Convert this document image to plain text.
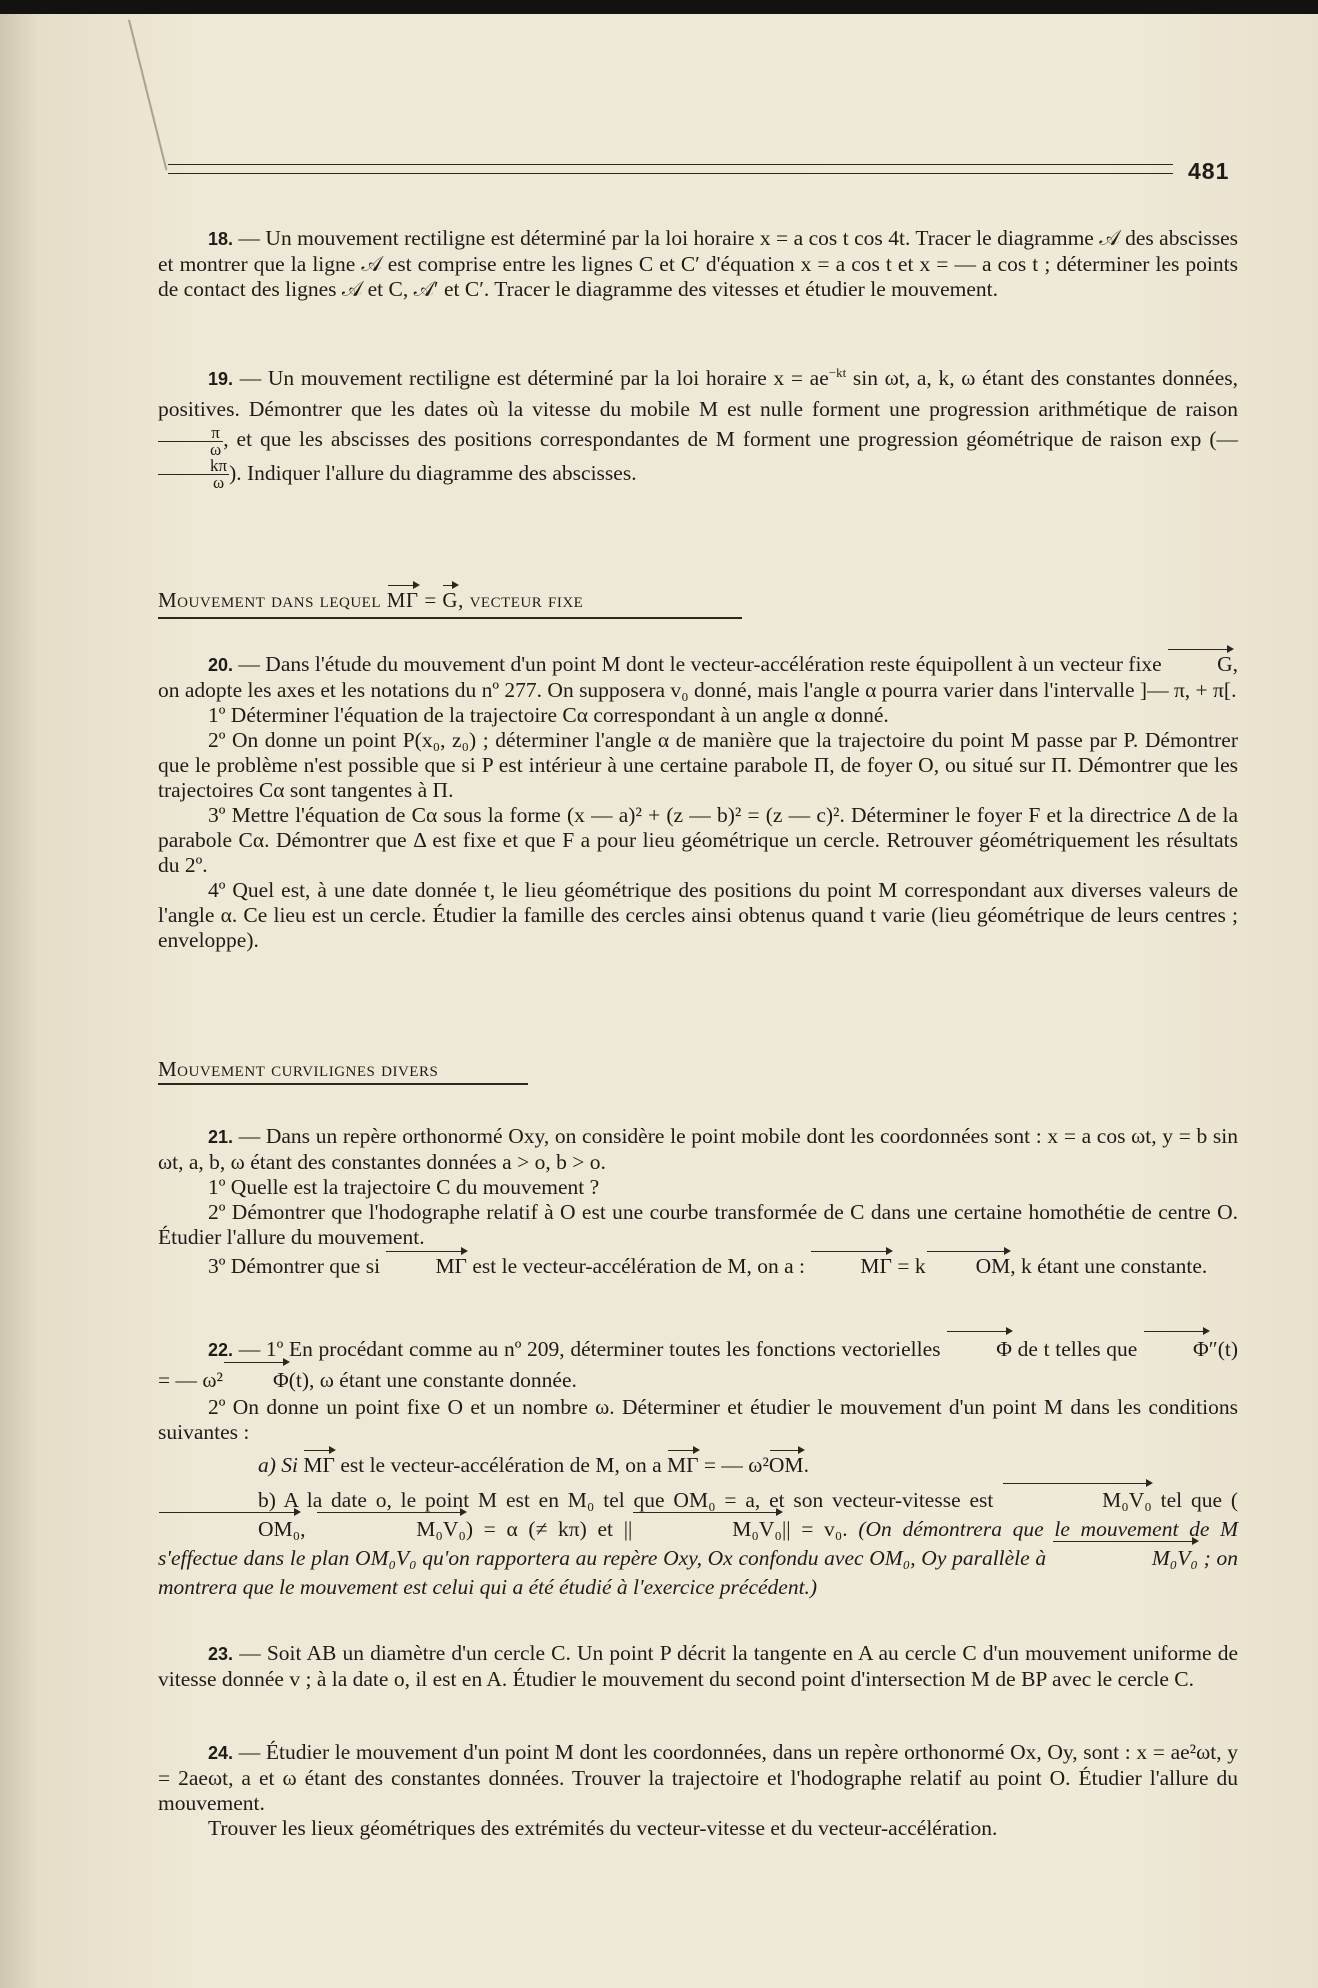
481

18. — Un mouvement rectiligne est déterminé par la loi horaire x = a cos t cos 4t. Tracer le diagramme 𝒜 des abscisses et montrer que la ligne 𝒜 est comprise entre les lignes C et C′ d'équation x = a cos t et x = — a cos t ; déterminer les points de contact des lignes 𝒜 et C, 𝒜′ et C′. Tracer le diagramme des vitesses et étudier le mouvement.

19. — Un mouvement rectiligne est déterminé par la loi horaire $x = ae^{-kt}$ sin ωt, a, k, ω étant des constantes données, positives. Démontrer que les dates où la vitesse du mobile M est nulle forment une progression arithmétique de raison
$\frac{\pi}{\omega}$ , et que les abscisses des positions correspondantes de M forment une progression géométrique de raison exp (—
$\frac{k\pi}{\omega}$ ). Indiquer l'allure du diagramme des abscisses.

Mouvement dans lequel MΓ = G, vecteur fixe

20. — Dans l'étude du mouvement d'un point M dont le vecteur-accélération reste équipollent à un vecteur fixe G, on adopte les axes et les notations du nº 277. On supposera v₀ donné, mais l'angle α pourra varier dans l'intervalle ]— π, + π[.

1º Déterminer l'équation de la trajectoire Cα correspondant à un angle α donné.

2º On donne un point P(x₀, z₀) ; déterminer l'angle α de manière que la trajectoire du point M passe par P. Démontrer que le problème n'est possible que si P est intérieur à une certaine parabole Π, de foyer O, ou situé sur Π. Démontrer que les trajectoires Cα sont tangentes à Π.

3º Mettre l'équation de Cα sous la forme (x — a)² + (z — b)² = (z — c)². Déterminer le foyer F et la directrice Δ de la parabole Cα. Démontrer que Δ est fixe et que F a pour lieu géométrique un cercle. Retrouver géométriquement les résultats du 2º.

4º Quel est, à une date donnée t, le lieu géométrique des positions du point M correspondant aux diverses valeurs de l'angle α. Ce lieu est un cercle. Étudier la famille des cercles ainsi obtenus quand t varie (lieu géométrique de leurs centres ; enveloppe).

Mouvement curvilignes divers

21. — Dans un repère orthonormé Oxy, on considère le point mobile dont les coordonnées sont : x = a cos ωt, y = b sin ωt, a, b, ω étant des constantes données a > o, b > o.

1º Quelle est la trajectoire C du mouvement ?

2º Démontrer que l'hodographe relatif à O est une courbe transformée de C dans une certaine homothétie de centre O. Étudier l'allure du mouvement.

3º Démontrer que si MΓ est le vecteur-accélération de M, on a : MΓ = k OM, k étant une constante.

22. — 1º En procédant comme au nº 209, déterminer toutes les fonctions vectorielles Φ de t telles que Φ″(t) = — ω² Φ(t), ω étant une constante donnée.

2º On donne un point fixe O et un nombre ω. Déterminer et étudier le mouvement d'un point M dans les conditions suivantes :

a) Si MΓ est le vecteur-accélération de M, on a MΓ = — ω²OM.

b) A la date o, le point M est en M₀ tel que OM₀ = a, et son vecteur-vitesse est	M₀V₀ tel que (OM₀,	M₀V₀) = α (≠ kπ) et ||	M₀V₀|| = v₀. (On démontrera que le mouvement de M s'effectue dans le plan OM₀V₀ qu'on rapportera au repère Oxy, Ox confondu avec OM₀, Oy parallèle à	M₀V₀ ; on montrera que le mouvement est celui qui a été étudié à l'exercice précédent.)

23. — Soit AB un diamètre d'un cercle C. Un point P décrit la tangente en A au cercle C d'un mouvement uniforme de vitesse donnée v ; à la date o, il est en A. Étudier le mouvement du second point d'intersection M de BP avec le cercle C.

24. — Étudier le mouvement d'un point M dont les coordonnées, dans un repère orthonormé Ox, Oy, sont : x = ae²ωt, y = 2aeωt, a et ω étant des constantes données. Trouver la trajectoire et l'hodographe relatif au point O. Étudier l'allure du mouvement.

Trouver les lieux géométriques des extrémités du vecteur-vitesse et du vecteur-accélération.
